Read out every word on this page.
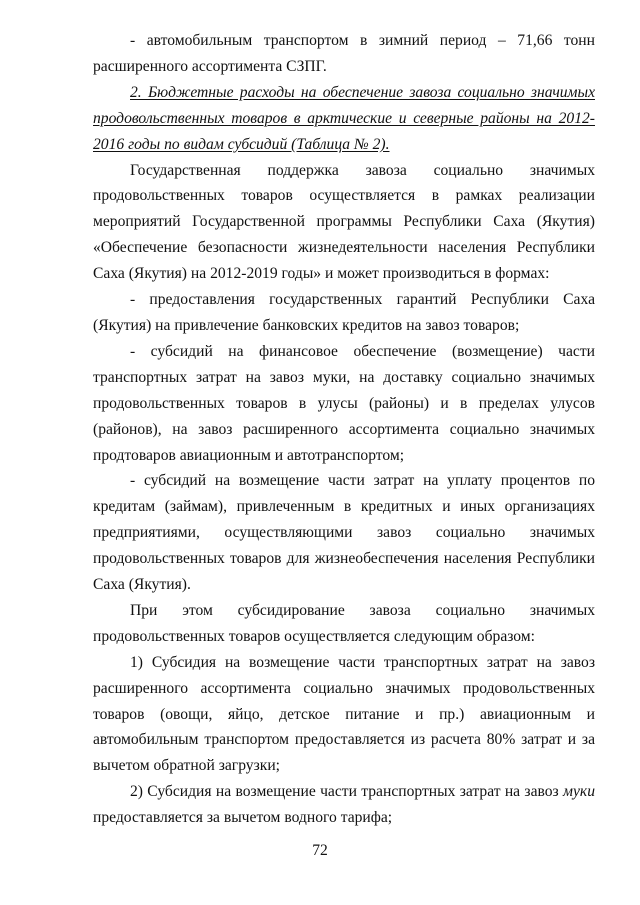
- автомобильным транспортом в зимний период – 71,66 тонн расширенного ассортимента СЗПГ.

2. Бюджетные расходы на обеспечение завоза социально значимых продовольственных товаров в арктические и северные районы на 2012-2016 годы по видам субсидий (Таблица № 2).

Государственная поддержка завоза социально значимых продовольственных товаров осуществляется в рамках реализации мероприятий Государственной программы Республики Саха (Якутия) «Обеспечение безопасности жизнедеятельности населения Республики Саха (Якутия) на 2012-2019 годы» и может производиться в формах:

- предоставления государственных гарантий Республики Саха (Якутия) на привлечение банковских кредитов на завоз товаров;

- субсидий на финансовое обеспечение (возмещение) части транспортных затрат на завоз муки, на доставку социально значимых продовольственных товаров в улусы (районы) и в пределах улусов (районов), на завоз расширенного ассортимента социально значимых продтоваров авиационным и автотранспортом;

- субсидий на возмещение части затрат на уплату процентов по кредитам (займам), привлеченным в кредитных и иных организациях предприятиями, осуществляющими завоз социально значимых продовольственных товаров для жизнеобеспечения населения Республики Саха (Якутия).

При этом субсидирование завоза социально значимых продовольственных товаров осуществляется следующим образом:

1) Субсидия на возмещение части транспортных затрат на завоз расширенного ассортимента социально значимых продовольственных товаров (овощи, яйцо, детское питание и пр.) авиационным и автомобильным транспортом предоставляется из расчета 80% затрат и за вычетом обратной загрузки;

2) Субсидия на возмещение части транспортных затрат на завоз муки предоставляется за вычетом водного тарифа;

72
